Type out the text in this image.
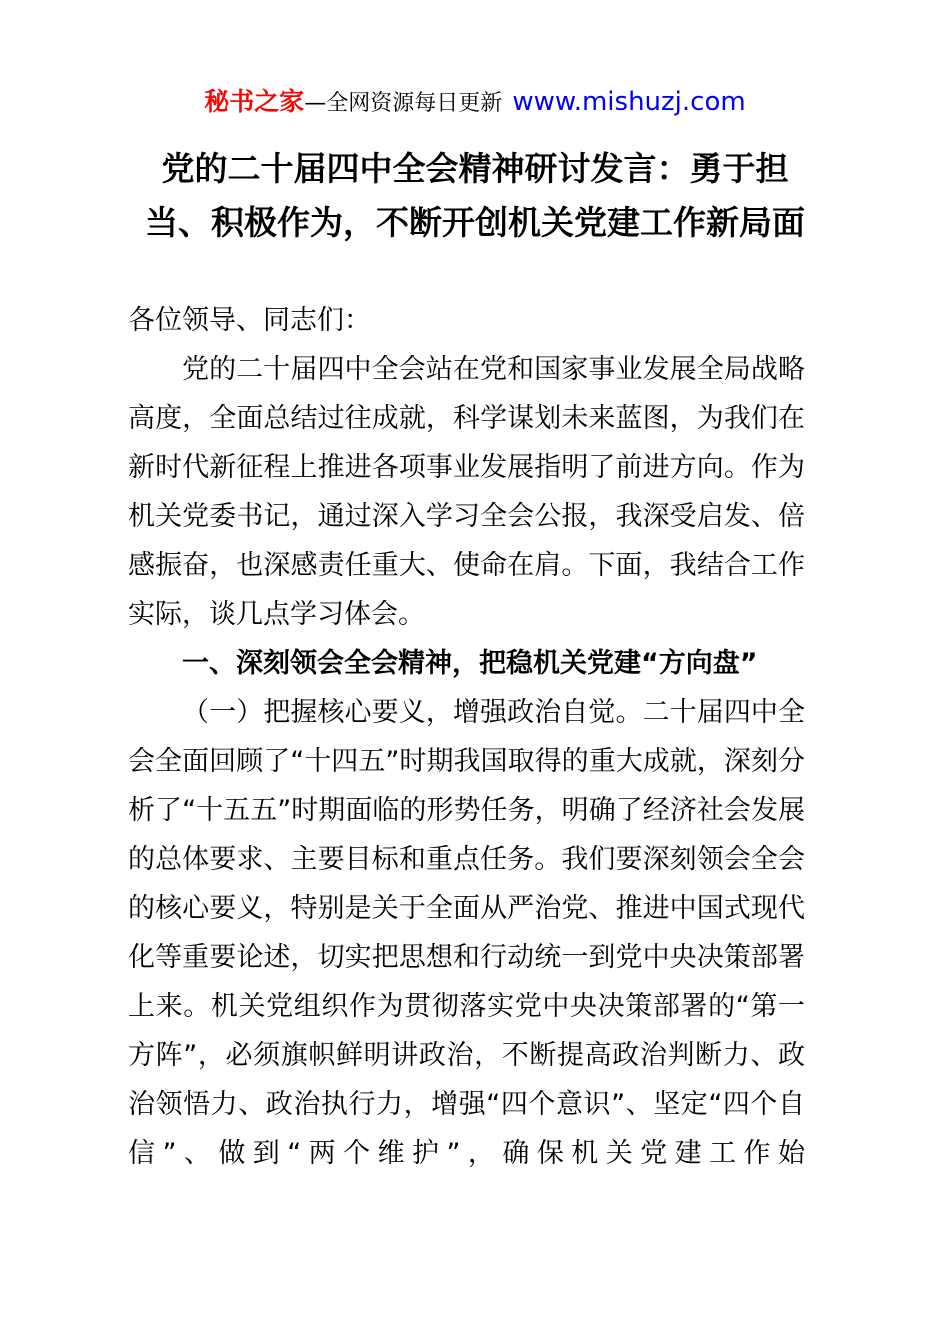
秘书之家—全网资源每日更新 www.mishuzj.com
党的二十届四中全会精神研讨发言：勇于担
当、积极作为，不断开创机关党建工作新局面

各位领导、同志们：

党的二十届四中全会站在党和国家事业发展全局战略高度，全面总结过往成就，科学谋划未来蓝图，为我们在新时代新征程上推进各项事业发展指明了前进方向。作为机关党委书记，通过深入学习全会公报，我深受启发、倍感振奋，也深感责任重大、使命在肩。下面，我结合工作实际，谈几点学习体会。

一、深刻领会全会精神，把稳机关党建“方向盘”

（一）把握核心要义，增强政治自觉。二十届四中全会全面回顾了“十四五”时期我国取得的重大成就，深刻分析了“十五五”时期面临的形势任务，明确了经济社会发展的总体要求、主要目标和重点任务。我们要深刻领会全会的核心要义，特别是关于全面从严治党、推进中国式现代化等重要论述，切实把思想和行动统一到党中央决策部署上来。机关党组织作为贯彻落实党中央决策部署的“第一方阵”，必须旗帜鲜明讲政治，不断提高政治判断力、政治领悟力、政治执行力，增强“四个意识”、坚定“四个自信”、做到“两个维护”，确保机关党建工作始
